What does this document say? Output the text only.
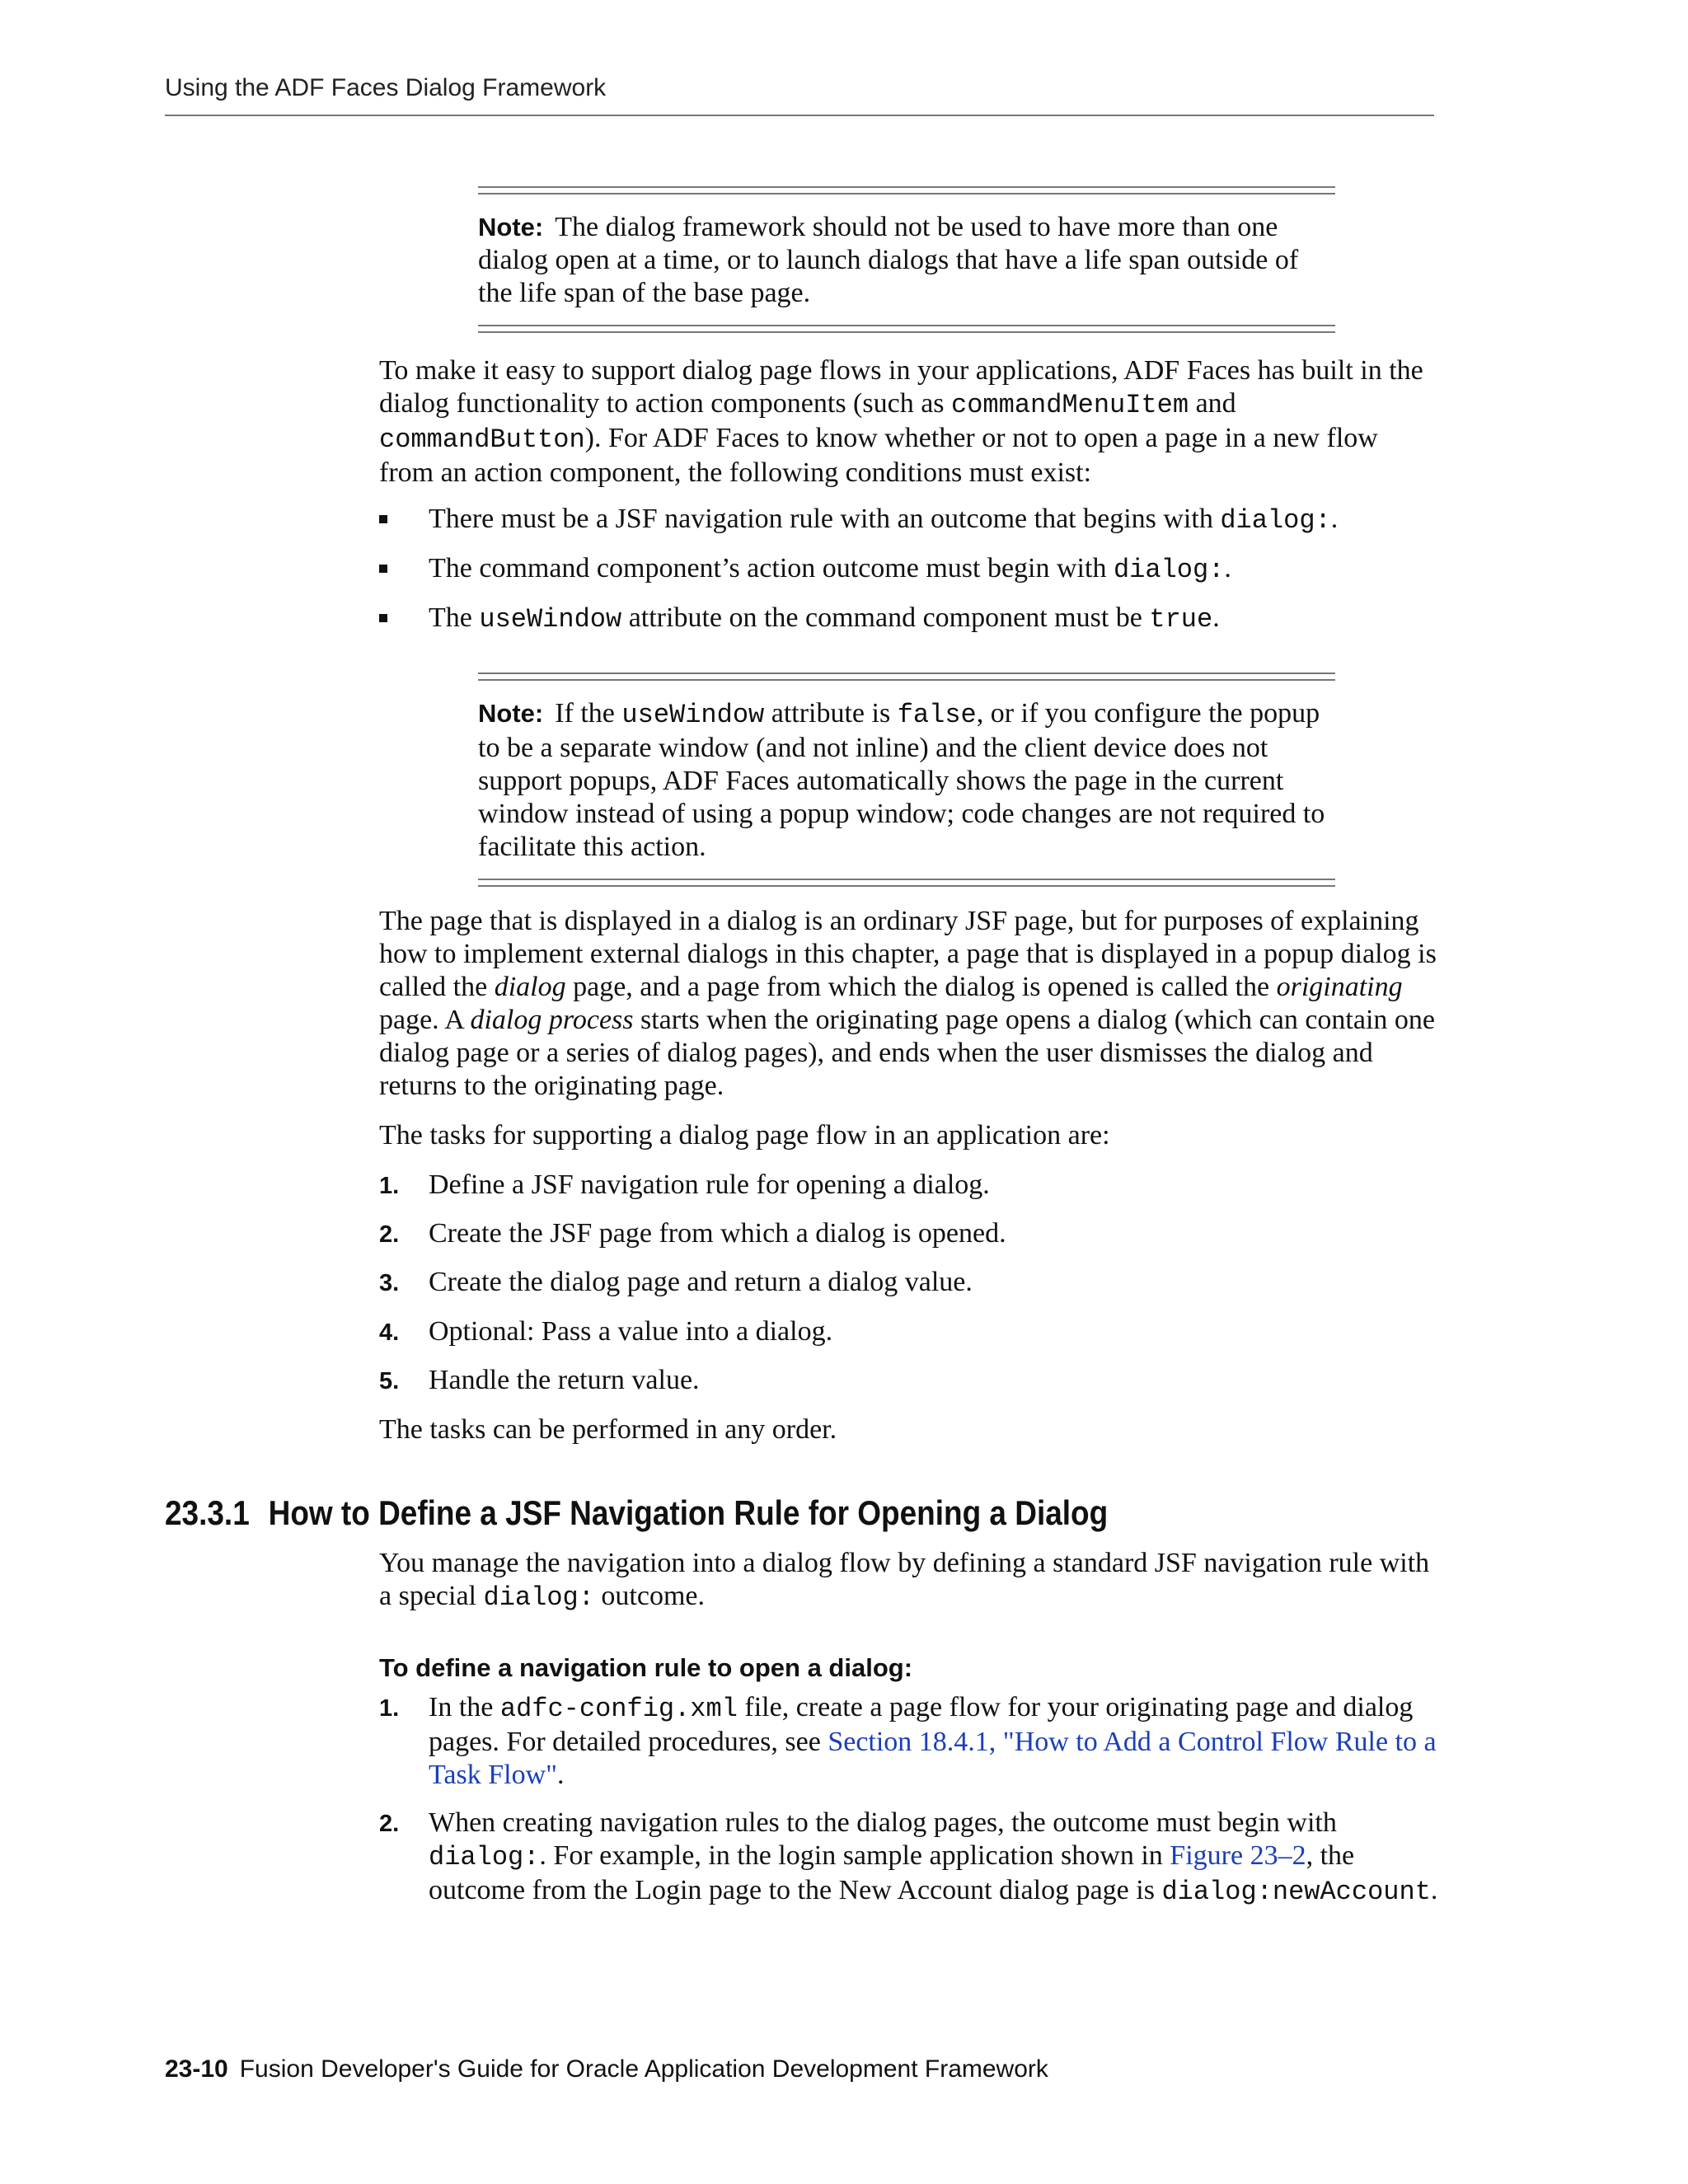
Using the ADF Faces Dialog Framework
Note: The dialog framework should not be used to have more than one dialog open at a time, or to launch dialogs that have a life span outside of the life span of the base page.

To make it easy to support dialog page flows in your applications, ADF Faces has built in the dialog functionality to action components (such as commandMenuItem and commandButton). For ADF Faces to know whether or not to open a page in a new flow from an action component, the following conditions must exist:

There must be a JSF navigation rule with an outcome that begins with dialog:.
The command component’s action outcome must begin with dialog:.
The useWindow attribute on the command component must be true.
Note: If the useWindow attribute is false, or if you configure the popup to be a separate window (and not inline) and the client device does not support popups, ADF Faces automatically shows the page in the current window instead of using a popup window; code changes are not required to facilitate this action.

The page that is displayed in a dialog is an ordinary JSF page, but for purposes of explaining how to implement external dialogs in this chapter, a page that is displayed in a popup dialog is called the dialog page, and a page from which the dialog is opened is called the originating page. A dialog process starts when the originating page opens a dialog (which can contain one dialog page or a series of dialog pages), and ends when the user dismisses the dialog and returns to the originating page.

The tasks for supporting a dialog page flow in an application are:

1. Define a JSF navigation rule for opening a dialog.
2. Create the JSF page from which a dialog is opened.
3. Create the dialog page and return a dialog value.
4. Optional: Pass a value into a dialog.
5. Handle the return value.

The tasks can be performed in any order.

23.3.1 How to Define a JSF Navigation Rule for Opening a Dialog

You manage the navigation into a dialog flow by defining a standard JSF navigation rule with a special dialog: outcome.

To define a navigation rule to open a dialog:
1. In the adfc-config.xml file, create a page flow for your originating page and dialog pages. For detailed procedures, see Section 18.4.1, "How to Add a Control Flow Rule to a Task Flow".
2. When creating navigation rules to the dialog pages, the outcome must begin with dialog:. For example, in the login sample application shown in Figure 23–2, the outcome from the Login page to the New Account dialog page is dialog:newAccount.
23-10 Fusion Developer's Guide for Oracle Application Development Framework
